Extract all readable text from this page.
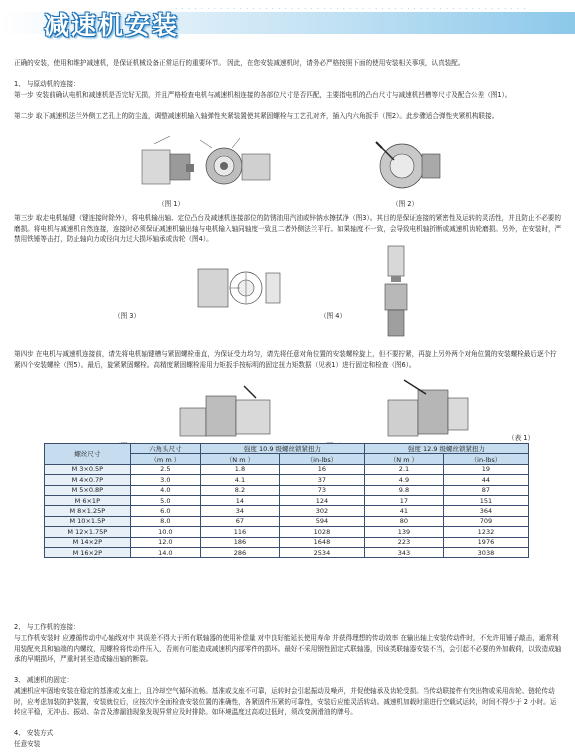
· · · · · · · · · · · · · · · · · · · · · · · · · · · · · · · · · · · · · · · · · · · · · · · · · · · · · · ·
减速机安装
正确的安装，使用和维护减速机，是保证机械设备正常运行的重要环节。 因此，在您安装减速机时，请务必严格按照下面的使用安装相关事项，认真装配。
1、 与原动机的连接：
第一步 安装前确认电机和减速机是否完好无损，并且严格检查电机与减速机相连接的各部位尺寸是否匹配，主要指电机的凸台尺寸与减速机凹槽等尺寸及配合公差（图1）。
第二步 取下减速机法兰外侧工艺孔上的防尘盖，调整减速机输入轴弹性夹紧装置使其紧固螺栓与工艺孔对齐，插入内六角扳手（图2）。此步骤适合弹性夹紧机构联接。
（图 1）	（图 2）
第三步 取走电机轴键（键连接时除外），将电机输出轴、定位凸台及减速机连接部位的防锈油用汽油或锌钠水擦拭净（图3）。其目的是保证连接的紧密性及运转的灵活性，并且防止不必要的磨损。将电机与减速机自然连接，连接时必须保证减速机输出轴与电机输入轴同轴度一致且二者外侧法兰平行。如果轴度不一致，会导致电机轴折断或减速机齿轮磨损。另外，在安装时，严禁用铁锤等击打，防止轴向力或径向力过大损坏轴承或齿轮（图4）。
（图 3）	（图 4）
第四步 在电机与减速机连接前，请先将电机轴键槽与紧固螺栓垂直，为保证受力均匀，请先将任意对角位置的安装螺栓旋上，但不要拧紧，再旋上另外两个对角位置的安装螺栓最后逐个拧紧四个安装螺栓（图5）。最后，旋紧紧固螺栓。高精度紧固螺栓需用力矩扳手按标明的固定扭力矩数据（见表1）进行固定和检查（图6）。
（表 1）
螺丝尺寸	六角头尺寸	强度 10.9 级螺丝锁紧扭力		强度 12.9 级螺丝锁紧扭力	
	（m m ）	（N m ）	（in-lbs）	（N m ）	（in-lbs）
M 3×0.5P	2.5	1.8	16	2.1	19
M 4×0.7P	3.0	4.1	37	4.9	44
M 5×0.8P	4.0	8.2	73	9.8	87
M 6×1P	5.0	14	124	17	151
M 8×1.25P	6.0	34	302	41	364
M 10×1.5P	8.0	67	594	80	709
M 12×1.75P	10.0	116	1028	139	1232
M 14×2P	12.0	186	1648	223	1976
M 16×2P	14.0	286	2534	343	3038
2、 与工作机的连接：
与工作机安装时 应遵循传动中心轴线对中 其误差不得大于所有联轴器的使用补偿量 对中良好能延长使用寿命 并获得理想的传动效率 在输出轴上安装传动件时，不允许用锤子敲击，通常利用装配夹具和轴端的内螺纹，用螺栓将传动件压入，否则有可能造成减速机内部零件的损坏。最好不采用钢性固定式联轴器，因该类联轴器安装不当，会引起不必要的外加载荷，以致造成轴承的早期损坏，严重时甚至造成输出轴的断裂。
3、 减速机的固定：
减速机应牢固地安装在稳定的基准或支座上，且冷却空气循环流畅。基准或支座不可靠，运转时会引起振动及噪声，并促使轴承及齿轮受损。当传动联接件有突出物或采用齿轮、链轮传动时，应考虑加装防护装置，安装就位后，应按次序全面检查安装位置的准确性，各紧固件压紧的可靠性，安装后应能灵活转动。减速机加载时需进行空载试运转，时间不得少于 2 小时。运转应平稳，无冲击、振动、杂音及渗漏油现象发现异常应及时排除。如环境温度过高或过低时，须改变润滑油的牌号。
4、 安装方式
任意安装
